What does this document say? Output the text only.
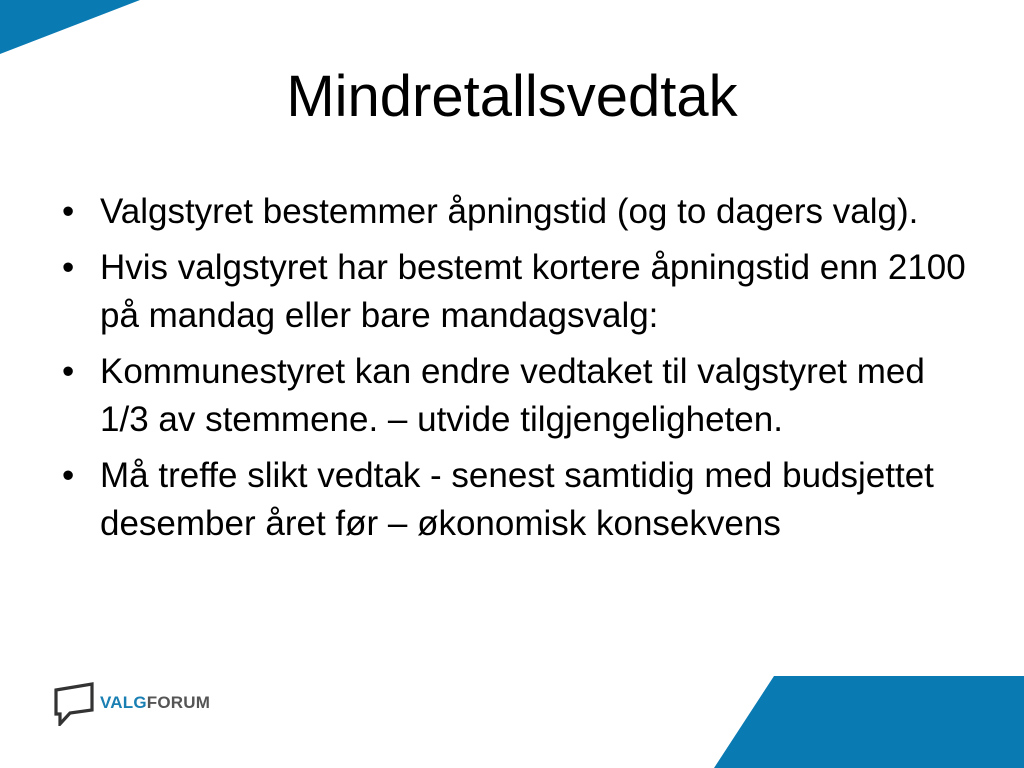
Mindretallsvedtak
• Valgstyret bestemmer åpningstid (og to dagers valg).
• Hvis valgstyret har bestemt kortere åpningstid enn 2100 på mandag eller bare mandagsvalg:
• Kommunestyret kan endre vedtaket til valgstyret med 1/3 av stemmene. – utvide tilgjengeligheten.
• Må treffe slikt vedtak - senest samtidig med budsjettet desember året før – økonomisk konsekvens
VALGFORUM
